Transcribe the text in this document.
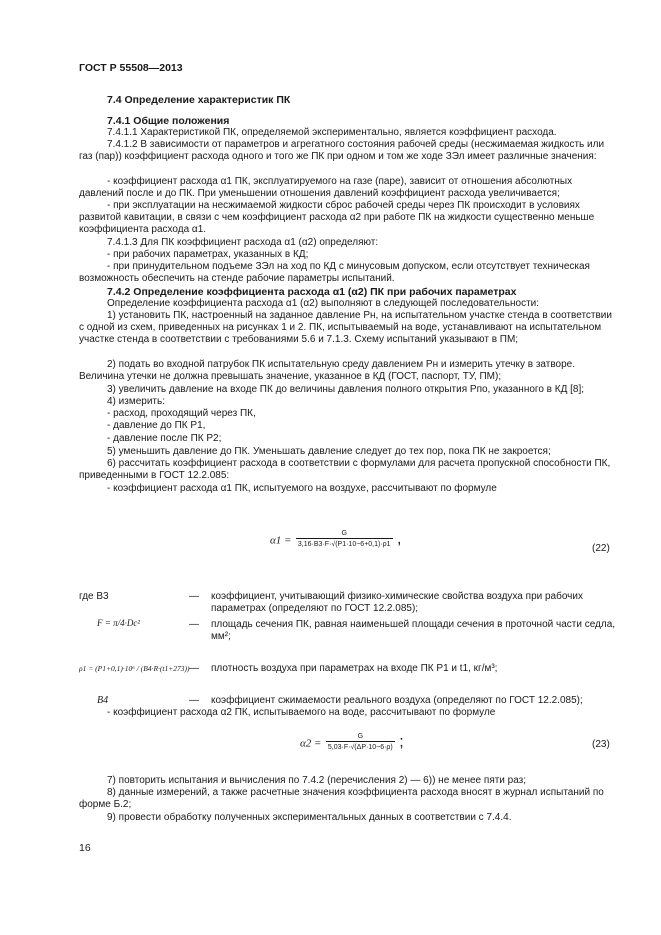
ГОСТ Р 55508—2013
7.4 Определение характеристик ПК
7.4.1 Общие положения
7.4.1.1 Характеристикой ПК, определяемой экспериментально, является коэффициент расхода.
7.4.1.2 В зависимости от параметров и агрегатного состояния рабочей среды (несжимаемая жидкость или газ (пар)) коэффициент расхода одного и того же ПК при одном и том же ходе ЗЭл имеет различные значения:
- коэффициент расхода α1 ПК, эксплуатируемого на газе (паре), зависит от отношения абсолютных давлений после и до ПК. При уменьшении отношения давлений коэффициент расхода увеличивается;
- при эксплуатации на несжимаемой жидкости сброс рабочей среды через ПК происходит в условиях развитой кавитации, в связи с чем коэффициент расхода α2 при работе ПК на жидкости существенно меньше коэффициента расхода α1.
7.4.1.3 Для ПК коэффициент расхода α1 (α2) определяют:
- при рабочих параметрах, указанных в КД;
- при принудительном подъеме ЗЭл на ход по КД с минусовым допуском, если отсутствует техническая возможность обеспечить на стенде рабочие параметры испытаний.
7.4.2 Определение коэффициента расхода α1 (α2) ПК при рабочих параметрах
Определение коэффициента расхода α1 (α2) выполняют в следующей последовательности:
1) установить ПК, настроенный на заданное давление Рн, на испытательном участке стенда в соответствии с одной из схем, приведенных на рисунках 1 и 2. ПК, испытываемый на воде, устанавливают на испытательном участке стенда в соответствии с требованиями 5.6 и 7.1.3. Схему испытаний указывают в ПМ;
2) подать во входной патрубок ПК испытательную среду давлением Рн и измерить утечку в затворе. Величина утечки не должна превышать значение, указанное в КД (ГОСТ, паспорт, ТУ, ПМ);
3) увеличить давление на входе ПК до величины давления полного открытия Рпо, указанного в КД [8];
4) измерить:
- расход, проходящий через ПК,
- давление до ПК Р1,
- давление после ПК Р2;
5) уменьшить давление до ПК. Уменьшать давление следует до тех пор, пока ПК не закроется;
6) рассчитать коэффициент расхода в соответствии с формулами для расчета пропускной способности ПК, приведенными в ГОСТ 12.2.085:
- коэффициент расхода α1 ПК, испытуемого на воздухе, рассчитывают по формуле
$\alpha 1 = \frac{G}{3,16\cdot B3\cdot F\cdot√(P1\cdot 10-6+0,1)\cdot\rho 1}$ ,
(22)
где B3	— коэффициент, учитывающий физико-химические свойства воздуха при рабочих параметрах (определяют по ГОСТ 12.2.085);
F = π/4·Dc²	— площадь сечения ПК, равная наименьшей площади сечения в проточной части седла, мм²;
ρ1 = (P1+0,1)·10⁶ / (B4·R·(t1+273)) — плотность воздуха при параметрах на входе ПК P1 и t1, кг/м³;
B4	— коэффициент сжимаемости реального воздуха (определяют по ГОСТ 12.2.085);
- коэффициент расхода α2 ПК, испытываемого на воде, рассчитывают по формуле
$\alpha 2 = \frac{G}{5,03\cdot F\cdot√(\Delta P\cdot 10-6\cdot\rho)}$ ;	(23)
7) повторить испытания и вычисления по 7.4.2 (перечисления 2) — 6)) не менее пяти раз;
8) данные измерений, а также расчетные значения коэффициента расхода вносят в журнал испытаний по форме Б.2;
9) провести обработку полученных экспериментальных данных в соответствии с 7.4.4.
16
